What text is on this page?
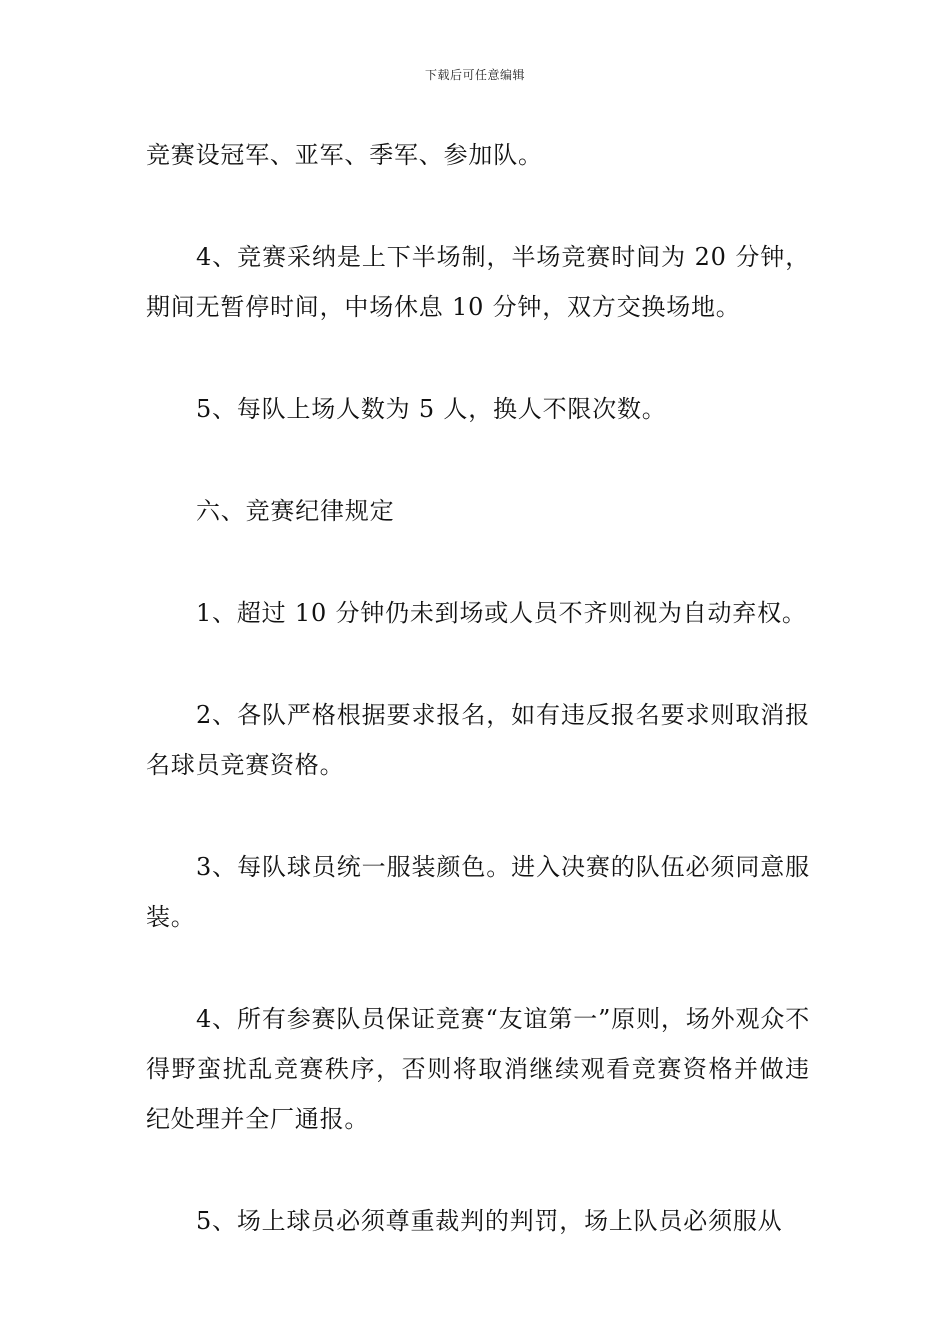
下载后可任意编辑

竞赛设冠军、亚军、季军、参加队。

4、竞赛采纳是上下半场制，半场竞赛时间为 20 分钟，期间无暂停时间，中场休息 10 分钟，双方交换场地。

5、每队上场人数为 5 人，换人不限次数。

六、竞赛纪律规定

1、超过 10 分钟仍未到场或人员不齐则视为自动弃权。

2、各队严格根据要求报名，如有违反报名要求则取消报名球员竞赛资格。

3、每队球员统一服装颜色。进入决赛的队伍必须同意服装。

4、所有参赛队员保证竞赛“友谊第一”原则，场外观众不得野蛮扰乱竞赛秩序，否则将取消继续观看竞赛资格并做违纪处理并全厂通报。

5、场上球员必须尊重裁判的判罚，场上队员必须服从
